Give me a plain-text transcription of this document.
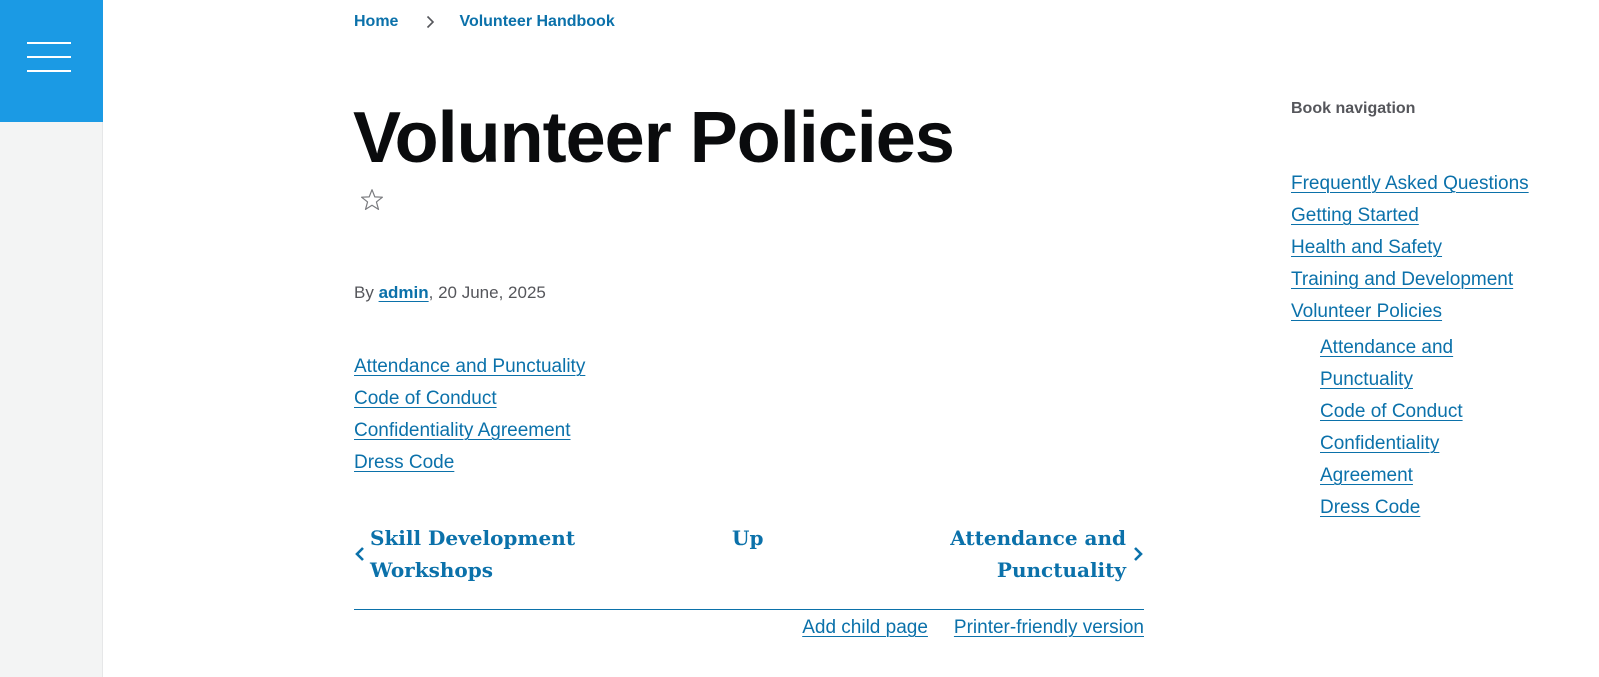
Home	Volunteer Handbook
Volunteer Policies
By admin, 20 June, 2025
Attendance and Punctuality
Code of Conduct
Confidentiality Agreement
Dress Code
Skill Development Workshops
Up	Attendance and Punctuality
Add child page Printer-friendly version
Book navigation
Frequently Asked Questions
Getting Started
Health and Safety
Training and Development
Volunteer Policies
Attendance and Punctuality
Code of Conduct
Confidentiality Agreement
Dress Code
